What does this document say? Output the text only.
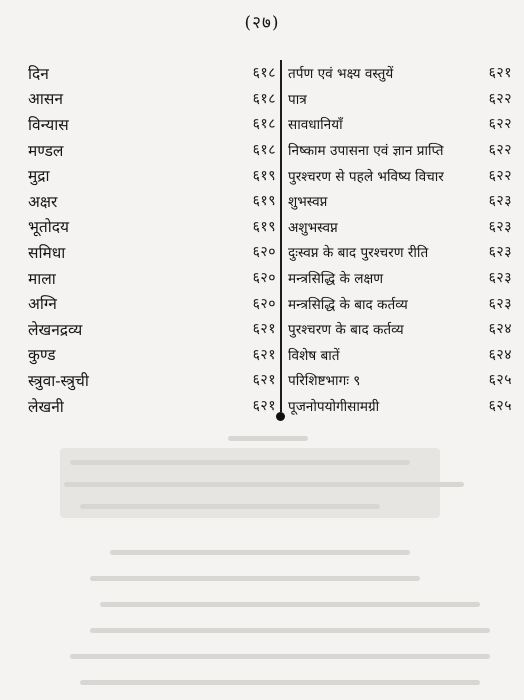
(२७)
दिन	६१८
आसन	६१८
विन्यास	६१८
मण्डल	६१८
मुद्रा	६१९
अक्षर	६१९
भूतोदय	६१९
समिधा	६२०
माला	६२०
अग्नि	६२०
लेखनद्रव्य	६२१
कुण्ड	६२१
स्त्रुवा-स्त्रुची	६२१
लेखनी	६२१
तर्पण एवं भक्ष्य वस्तुयें	६२१
पात्र	६२२
सावधानियाँ	६२२
निष्काम उपासना एवं ज्ञान प्राप्ति	६२२
पुरश्चरण से पहले भविष्य विचार	६२२
शुभस्वप्न	६२३
अशुभस्वप्न	६२३
दुःस्वप्न के बाद पुरश्चरण रीति	६२३
मन्त्रसिद्धि के लक्षण	६२३
मन्त्रसिद्धि के बाद कर्तव्य	६२३
पुरश्चरण के बाद कर्तव्य	६२४
विशेष बातें	६२४
परिशिष्टभागः ९	६२५
पूजनोपयोगीसामग्री	६२५
